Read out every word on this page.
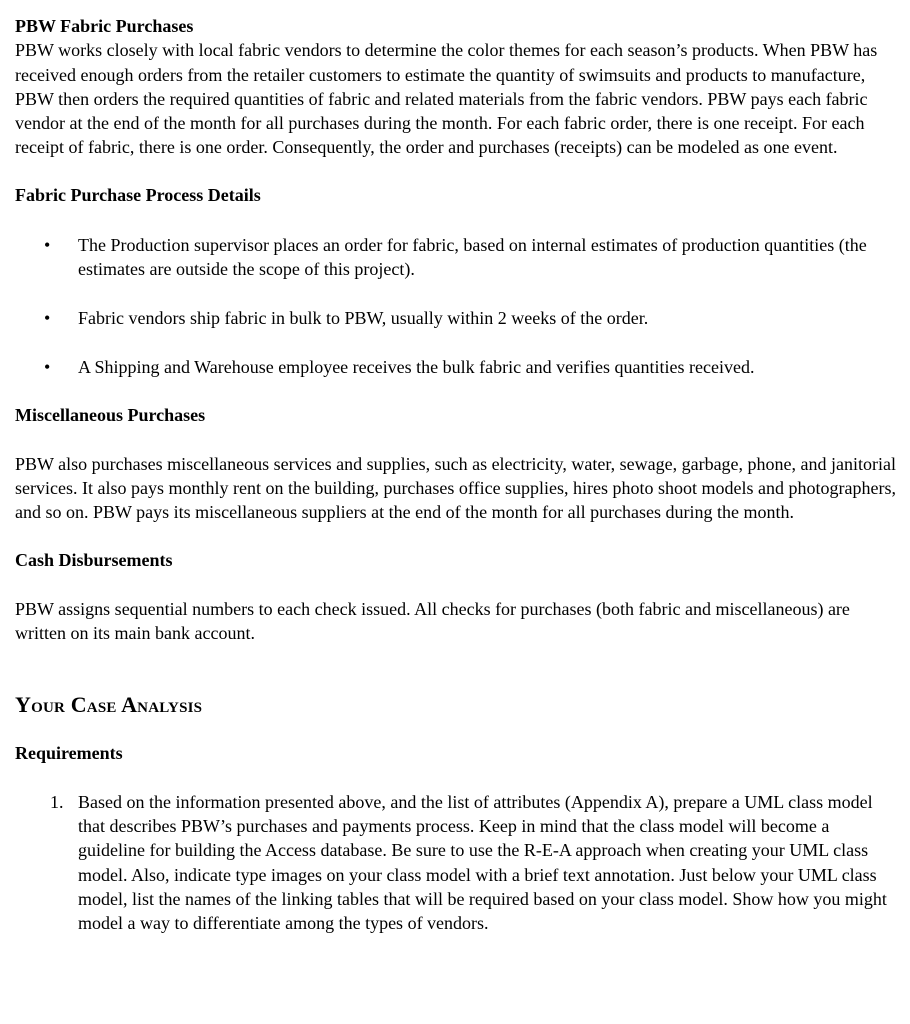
PBW Fabric Purchases

PBW works closely with local fabric vendors to determine the color themes for each season’s products. When PBW has received enough orders from the retailer customers to estimate the quantity of swimsuits and products to manufacture, PBW then orders the required quantities of fabric and related materials from the fabric vendors. PBW pays each fabric vendor at the end of the month for all purchases during the month. For each fabric order, there is one receipt. For each receipt of fabric, there is one order. Consequently, the order and purchases (receipts) can be modeled as one event.

Fabric Purchase Process Details

• The Production supervisor places an order for fabric, based on internal estimates of production quantities (the estimates are outside the scope of this project).
• Fabric vendors ship fabric in bulk to PBW, usually within 2 weeks of the order.
• A Shipping and Warehouse employee receives the bulk fabric and verifies quantities received.

Miscellaneous Purchases

PBW also purchases miscellaneous services and supplies, such as electricity, water, sewage, garbage, phone, and janitorial services. It also pays monthly rent on the building, purchases office supplies, hires photo shoot models and photographers, and so on. PBW pays its miscellaneous suppliers at the end of the month for all purchases during the month.

Cash Disbursements

PBW assigns sequential numbers to each check issued. All checks for purchases (both fabric and miscellaneous) are written on its main bank account.

Your Case Analysis

Requirements

1. Based on the information presented above, and the list of attributes (Appendix A), prepare a UML class model that describes PBW’s purchases and payments process. Keep in mind that the class model will become a guideline for building the Access database. Be sure to use the R-E-A approach when creating your UML class model. Also, indicate type images on your class model with a brief text annotation. Just below your UML class model, list the names of the linking tables that will be required based on your class model. Show how you might model a way to differentiate among the types of vendors.
